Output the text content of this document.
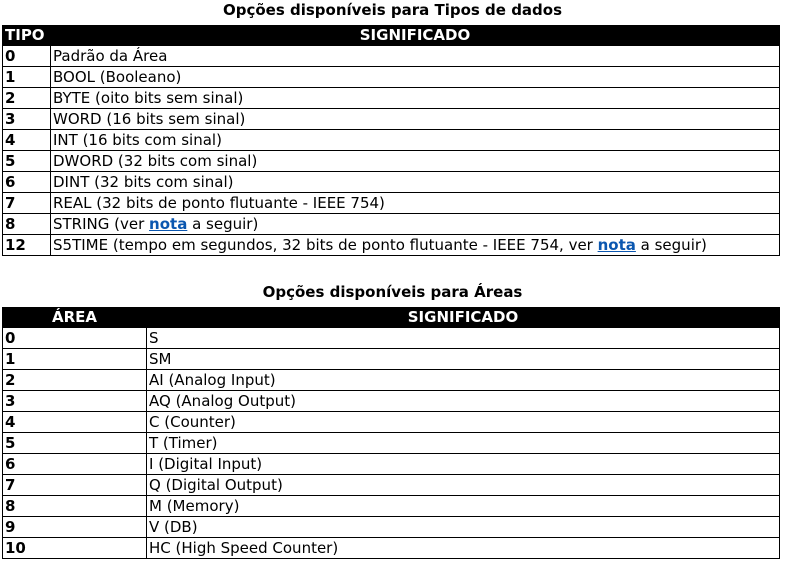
Opções disponíveis para Tipos de dados
TIPO	SIGNIFICADO
0	Padrão da Área
1	BOOL (Booleano)
2	BYTE (oito bits sem sinal)
3	WORD (16 bits sem sinal)
4	INT (16 bits com sinal)
5	DWORD (32 bits com sinal)
6	DINT (32 bits com sinal)
7	REAL (32 bits de ponto flutuante - IEEE 754)
8	STRING (ver nota a seguir)
12	S5TIME (tempo em segundos, 32 bits de ponto flutuante - IEEE 754, ver nota a seguir)
Opções disponíveis para Áreas
ÁREA	SIGNIFICADO
0	S
1	SM
2	AI (Analog Input)
3	AQ (Analog Output)
4	C (Counter)
5	T (Timer)
6	I (Digital Input)
7	Q (Digital Output)
8	M (Memory)
9	V (DB)
10	HC (High Speed Counter)
